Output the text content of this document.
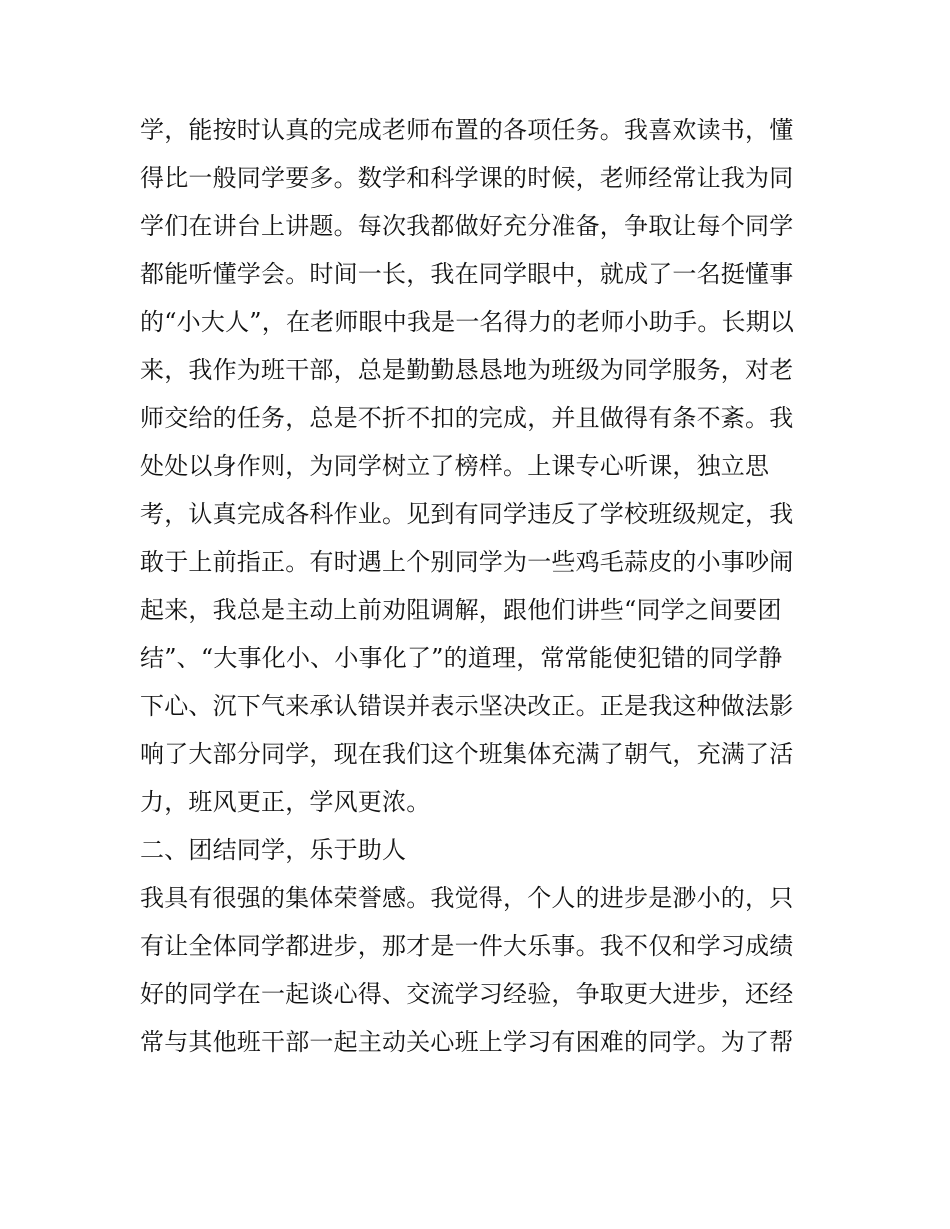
学，能按时认真的完成老师布置的各项任务。我喜欢读书，懂
得比一般同学要多。数学和科学课的时候，老师经常让我为同
学们在讲台上讲题。每次我都做好充分准备，争取让每个同学
都能听懂学会。时间一长，我在同学眼中，就成了一名挺懂事
的“小大人”，在老师眼中我是一名得力的老师小助手。长期以
来，我作为班干部，总是勤勤恳恳地为班级为同学服务，对老
师交给的任务，总是不折不扣的完成，并且做得有条不紊。我
处处以身作则，为同学树立了榜样。上课专心听课，独立思
考，认真完成各科作业。见到有同学违反了学校班级规定，我
敢于上前指正。有时遇上个别同学为一些鸡毛蒜皮的小事吵闹
起来，我总是主动上前劝阻调解，跟他们讲些“同学之间要团
结”、“大事化小、小事化了”的道理，常常能使犯错的同学静
下心、沉下气来承认错误并表示坚决改正。正是我这种做法影
响了大部分同学，现在我们这个班集体充满了朝气，充满了活
力，班风更正，学风更浓。
二、团结同学，乐于助人
我具有很强的集体荣誉感。我觉得，个人的进步是渺小的，只
有让全体同学都进步，那才是一件大乐事。我不仅和学习成绩
好的同学在一起谈心得、交流学习经验，争取更大进步，还经
常与其他班干部一起主动关心班上学习有困难的同学。为了帮
